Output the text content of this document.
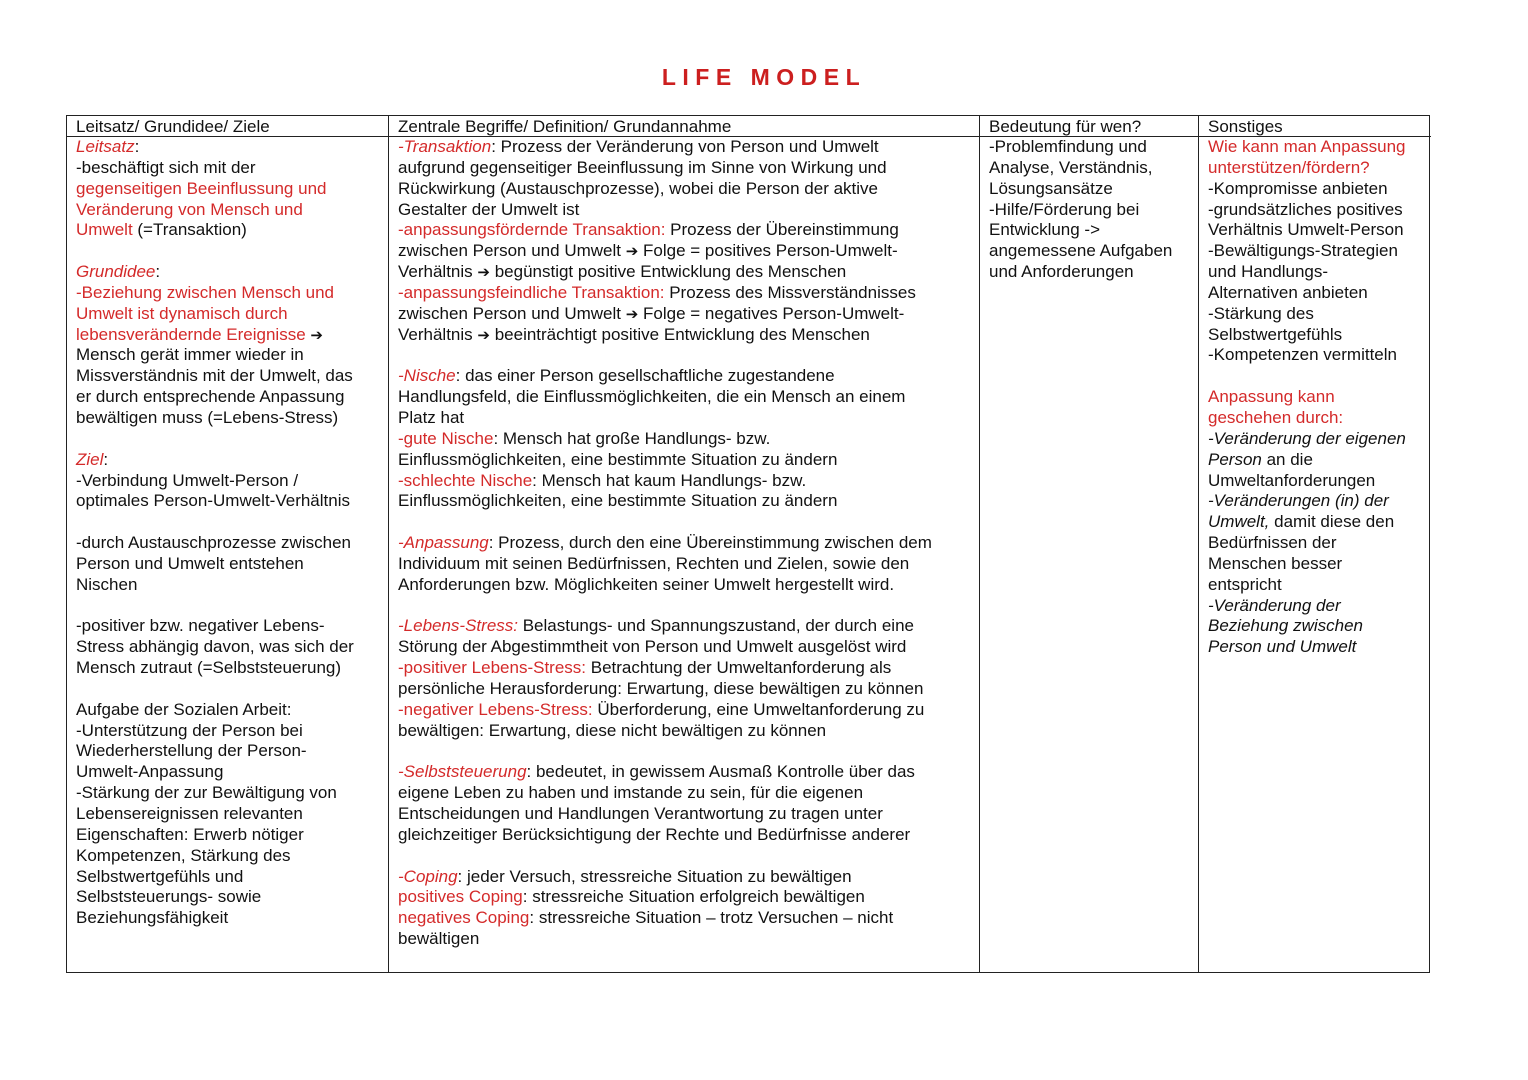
LIFE MODEL
Leitsatz/ Grundidee/ Ziele
Leitsatz:
-beschäftigt sich mit der
gegenseitigen Beeinflussung und
Veränderung von Mensch und
Umwelt (=Transaktion)
Grundidee:
-Beziehung zwischen Mensch und
Umwelt ist dynamisch durch
lebensverändernde Ereignisse ➔
Mensch gerät immer wieder in
Missverständnis mit der Umwelt, das
er durch entsprechende Anpassung
bewältigen muss (=Lebens-Stress)
Ziel:
-Verbindung Umwelt-Person /
optimales Person-Umwelt-Verhältnis
-durch Austauschprozesse zwischen
Person und Umwelt entstehen
Nischen
-positiver bzw. negativer Lebens-
Stress abhängig davon, was sich der
Mensch zutraut (=Selbststeuerung)
Aufgabe der Sozialen Arbeit:
-Unterstützung der Person bei
Wiederherstellung der Person-
Umwelt-Anpassung
-Stärkung der zur Bewältigung von
Lebensereignissen relevanten
Eigenschaften: Erwerb nötiger
Kompetenzen, Stärkung des
Selbstwertgefühls und
Selbststeuerungs- sowie
Beziehungsfähigkeit
Zentrale Begriffe/ Definition/ Grundannahme
-Transaktion: Prozess der Veränderung von Person und Umwelt
aufgrund gegenseitiger Beeinflussung im Sinne von Wirkung und
Rückwirkung (Austauschprozesse), wobei die Person der aktive
Gestalter der Umwelt ist
-anpassungsfördernde Transaktion: Prozess der Übereinstimmung
zwischen Person und Umwelt ➔ Folge = positives Person-Umwelt-
Verhältnis ➔ begünstigt positive Entwicklung des Menschen
-anpassungsfeindliche Transaktion: Prozess des Missverständnisses
zwischen Person und Umwelt ➔ Folge = negatives Person-Umwelt-
Verhältnis ➔ beeinträchtigt positive Entwicklung des Menschen
-Nische: das einer Person gesellschaftliche zugestandene
Handlungsfeld, die Einflussmöglichkeiten, die ein Mensch an einem
Platz hat
-gute Nische: Mensch hat große Handlungs- bzw.
Einflussmöglichkeiten, eine bestimmte Situation zu ändern
-schlechte Nische: Mensch hat kaum Handlungs- bzw.
Einflussmöglichkeiten, eine bestimmte Situation zu ändern
-Anpassung: Prozess, durch den eine Übereinstimmung zwischen dem
Individuum mit seinen Bedürfnissen, Rechten und Zielen, sowie den
Anforderungen bzw. Möglichkeiten seiner Umwelt hergestellt wird.
-Lebens-Stress: Belastungs- und Spannungszustand, der durch eine
Störung der Abgestimmtheit von Person und Umwelt ausgelöst wird
-positiver Lebens-Stress: Betrachtung der Umweltanforderung als
persönliche Herausforderung: Erwartung, diese bewältigen zu können
-negativer Lebens-Stress: Überforderung, eine Umweltanforderung zu
bewältigen: Erwartung, diese nicht bewältigen zu können
-Selbststeuerung: bedeutet, in gewissem Ausmaß Kontrolle über das
eigene Leben zu haben und imstande zu sein, für die eigenen
Entscheidungen und Handlungen Verantwortung zu tragen unter
gleichzeitiger Berücksichtigung der Rechte und Bedürfnisse anderer
-Coping: jeder Versuch, stressreiche Situation zu bewältigen
positives Coping: stressreiche Situation erfolgreich bewältigen
negatives Coping: stressreiche Situation – trotz Versuchen – nicht
bewältigen
Bedeutung für wen?
-Problemfindung und
Analyse, Verständnis,
Lösungsansätze
-Hilfe/Förderung bei
Entwicklung ->
angemessene Aufgaben
und Anforderungen
Sonstiges
Wie kann man Anpassung
unterstützen/fördern?
-Kompromisse anbieten
-grundsätzliches positives
Verhältnis Umwelt-Person
-Bewältigungs-Strategien
und Handlungs-
Alternativen anbieten
-Stärkung des
Selbstwertgefühls
-Kompetenzen vermitteln
Anpassung kann
geschehen durch:
-Veränderung der eigenen
Person an die
Umweltanforderungen
-Veränderungen (in) der
Umwelt, damit diese den
Bedürfnissen der
Menschen besser
entspricht
-Veränderung der
Beziehung zwischen
Person und Umwelt
